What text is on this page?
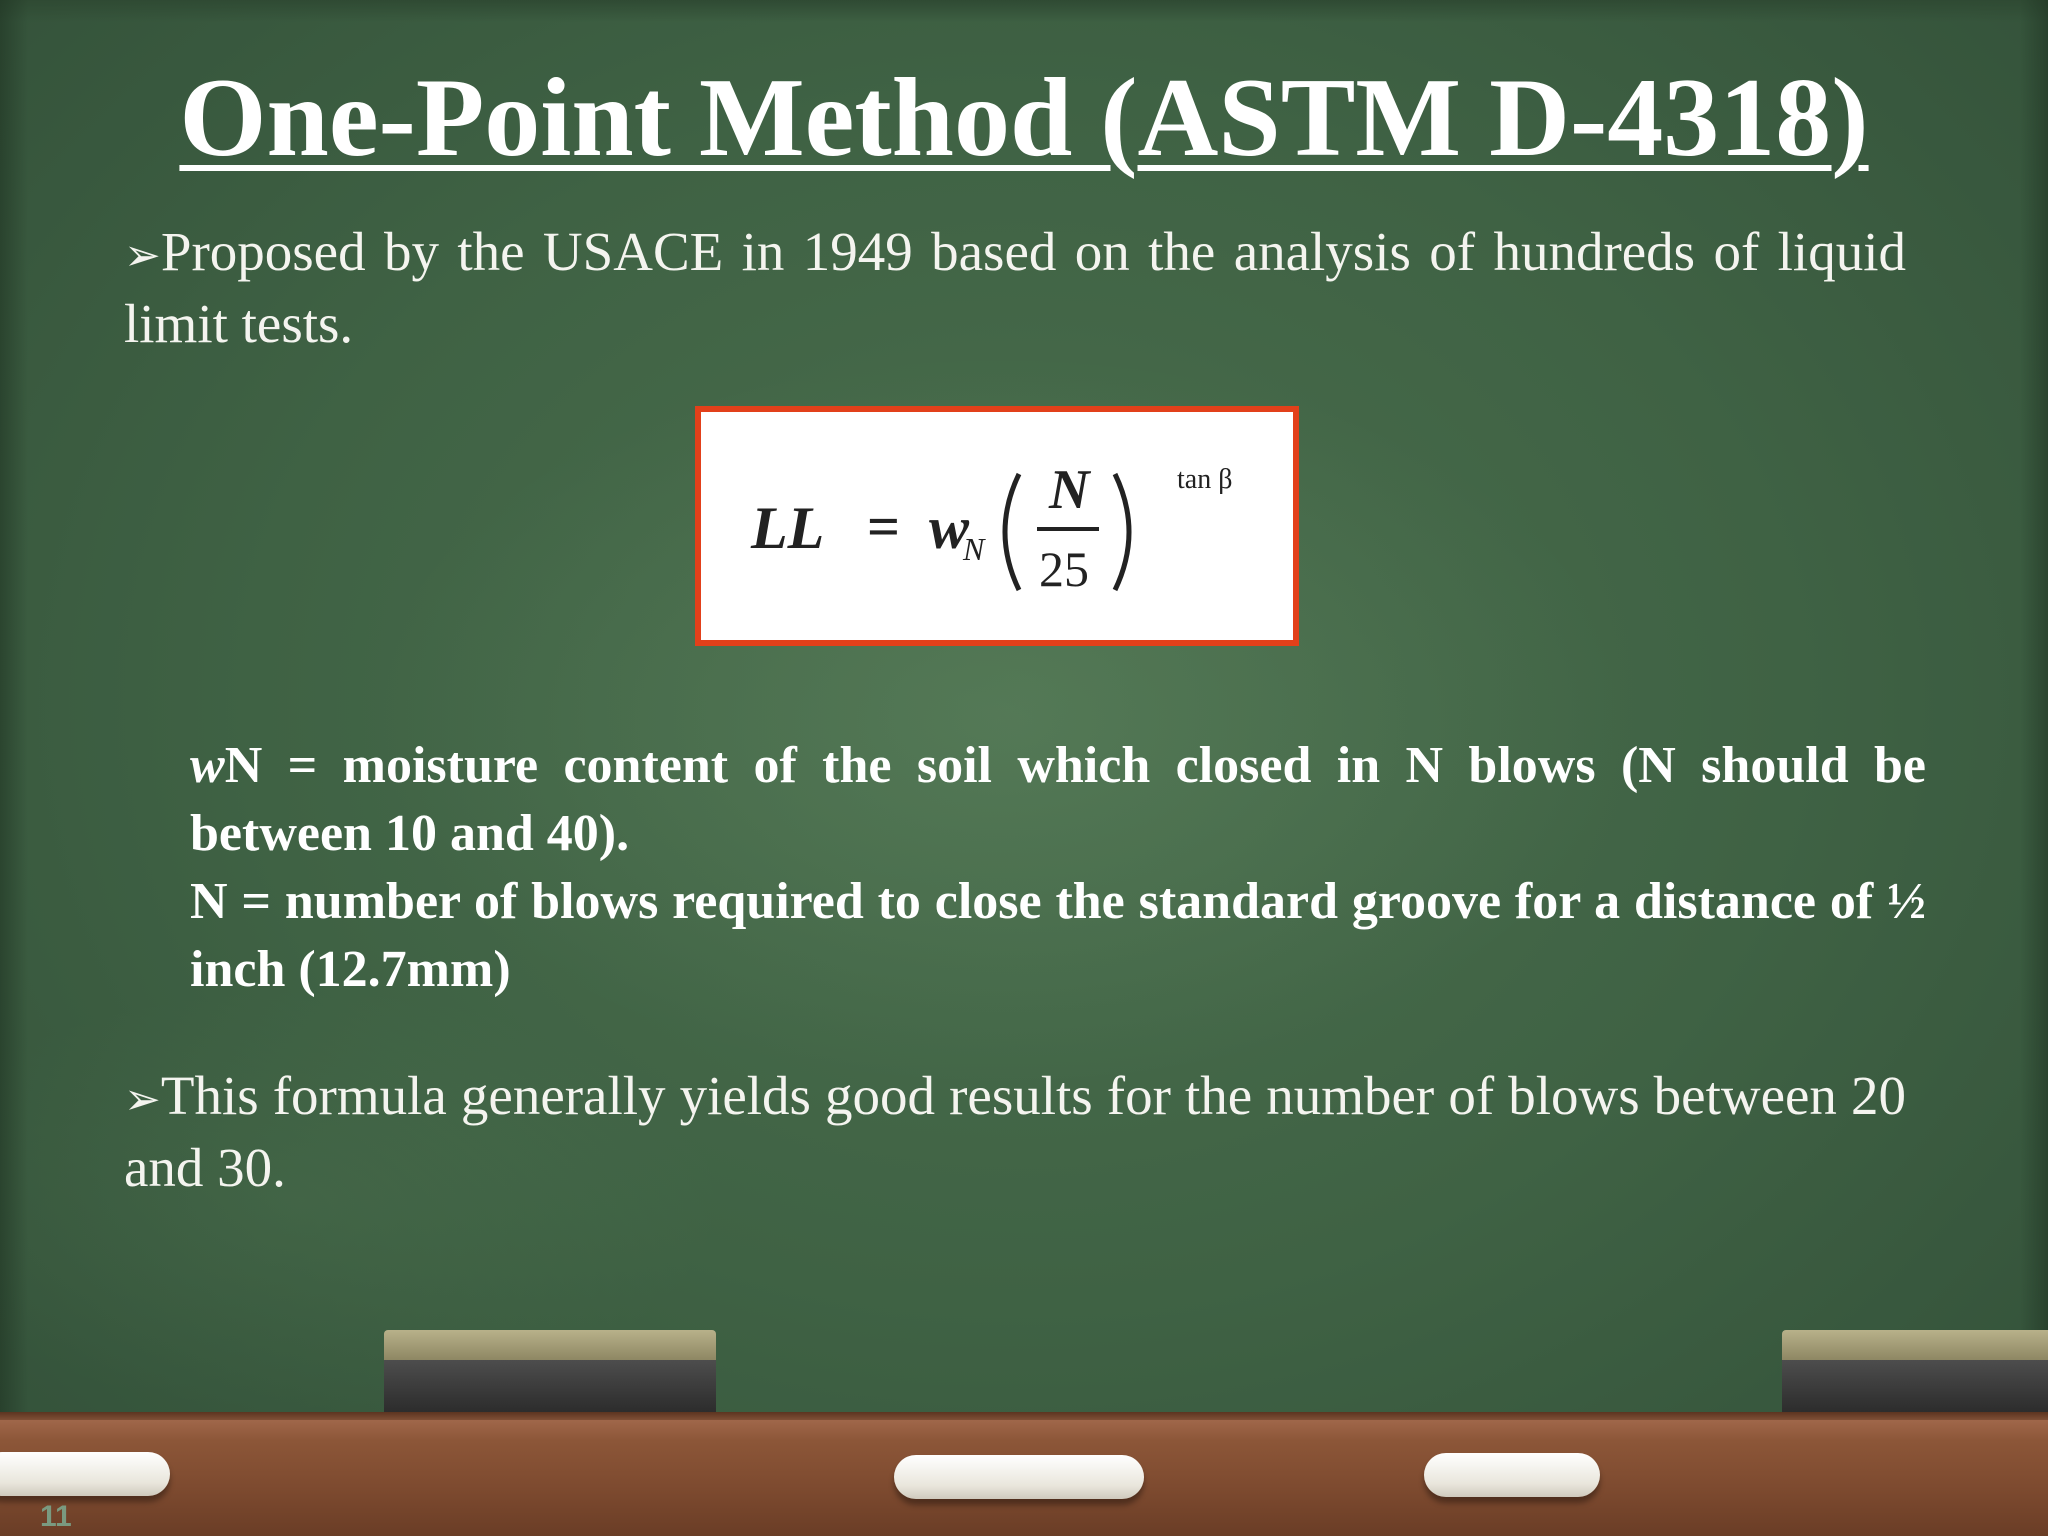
One-Point Method (ASTM D-4318)
➢Proposed by the USACE in 1949 based on the analysis of hundreds of liquid limit tests.
LL = w
N
N
25
tan β

wN = moisture content of the soil which closed in N blows (N should be between 10 and 40).

N = number of blows required to close the standard groove for a distance of ½ inch (12.7mm)

➢This formula generally yields good results for the number of blows between 20 and 30.
11
